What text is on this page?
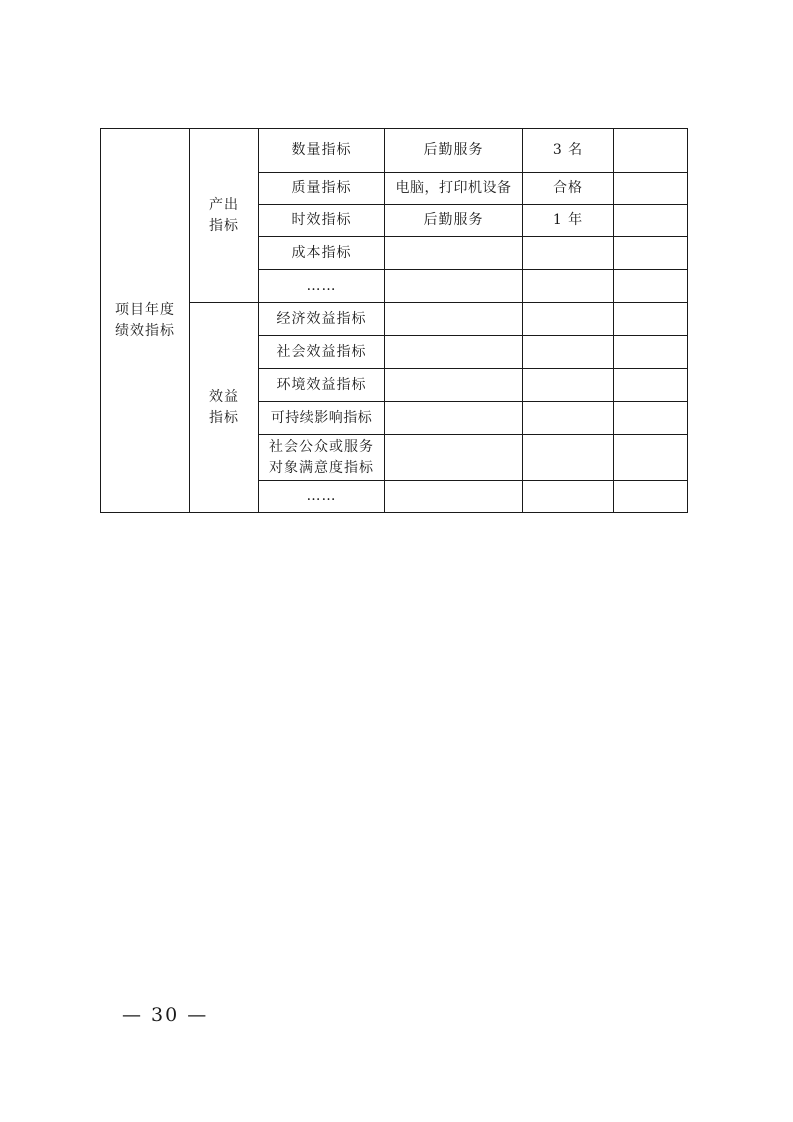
项目年度绩效指标	产出指标	数量指标	后勤服务	3 名	
		质量指标	电脑，打印机设备	合格	
		时效指标	后勤服务	1 年	
		成本指标			
		……			
	效益指标	经济效益指标			
		社会效益指标			
		环境效益指标			
		可持续影响指标			
		社会公众或服务对象满意度指标			
		……			
— 30 —
